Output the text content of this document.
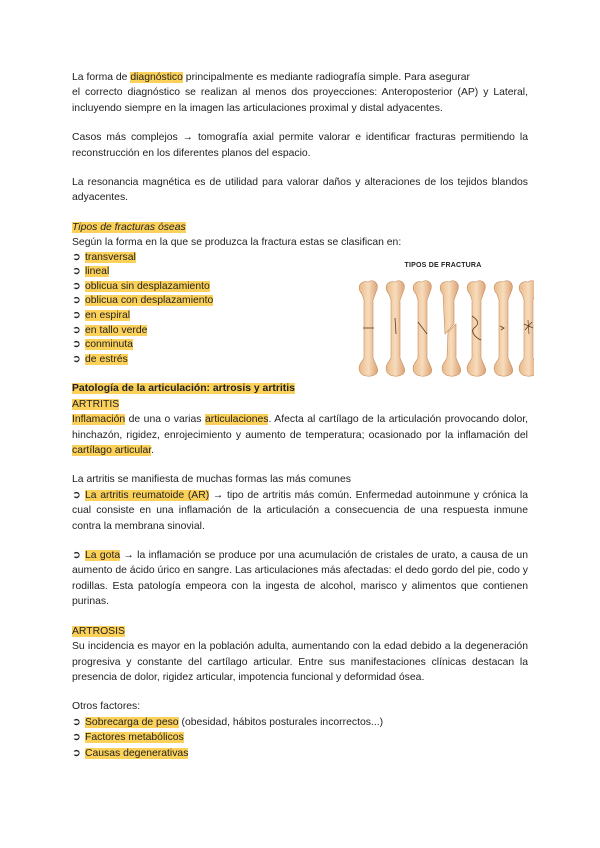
La forma de diagnóstico principalmente es mediante radiografía simple. Para asegurar
el correcto diagnóstico se realizan al menos dos proyecciones: Anteroposterior (AP) y Lateral, incluyendo siempre en la imagen las articulaciones proximal y distal adyacentes.

Casos más complejos → tomografía axial permite valorar e identificar fracturas permitiendo la reconstrucción en los diferentes planos del espacio.

La resonancia magnética es de utilidad para valorar daños y alteraciones de los tejidos blandos adyacentes.

Tipos de fracturas óseas

Según la forma en la que se produzca la fractura estas se clasifican en:

➲ transversal
➲ lineal
➲ oblicua sin desplazamiento
➲ oblicua con desplazamiento
➲ en espiral
➲ en tallo verde
➲ conminuta
➲ de estrés

Patología de la articulación: artrosis y artritis

ARTRITIS

Inflamación de una o varias articulaciones. Afecta al cartílago de la articulación provocando dolor, hinchazón, rigidez, enrojecimiento y aumento de temperatura; ocasionado por la inflamación del cartílago articular.

La artritis se manifiesta de muchas formas las más comunes

➲ La artritis reumatoide (AR) → tipo de artritis más común. Enfermedad autoinmune y crónica la cual consiste en una inflamación de la articulación a consecuencia de una respuesta inmune contra la membrana sinovial.

➲ La gota → la inflamación se produce por una acumulación de cristales de urato, a causa de un aumento de ácido úrico en sangre. Las articulaciones más afectadas: el dedo gordo del pie, codo y rodillas. Esta patología empeora con la ingesta de alcohol, marisco y alimentos que contienen purinas.

ARTROSIS

Su incidencia es mayor en la población adulta, aumentando con la edad debido a la degeneración progresiva y constante del cartílago articular. Entre sus manifestaciones clínicas destacan la presencia de dolor, rigidez articular, impotencia funcional y deformidad ósea.

Otros factores:

➲ Sobrecarga de peso (obesidad, hábitos posturales incorrectos...)

➲ Factores metabólicos

➲ Causas degenerativas

TIPOS DE FRACTURA
